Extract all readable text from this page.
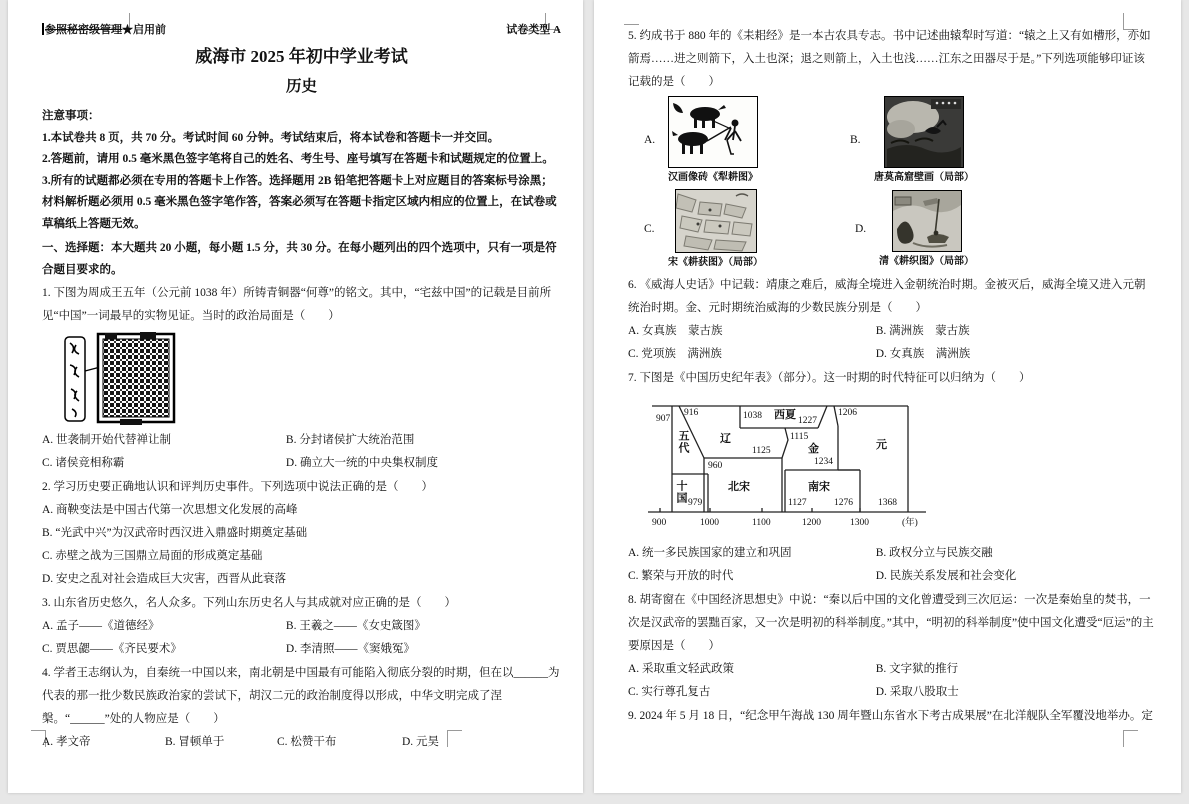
参照秘密级管理★启用前	试卷类型 A
威海市 2025 年初中学业考试
历史
注意事项：
1.本试卷共 8 页，共 70 分。考试时间 60 分钟。考试结束后，将本试卷和答题卡一并交回。
2.答题前，请用 0.5 毫米黑色签字笔将自己的姓名、考生号、座号填写在答题卡和试题规定的位置上。
3.所有的试题都必须在专用的答题卡上作答。选择题用 2B 铅笔把答题卡上对应题目的答案标号涂黑；材料解析题必须用 0.5 毫米黑色签字笔作答，答案必须写在答题卡指定区域内相应的位置上，在试卷或草稿纸上答题无效。
一、选择题：本大题共 20 小题，每小题 1.5 分，共 30 分。在每小题列出的四个选项中，只有一项是符合题目要求的。
1. 下图为周成王五年（公元前 1038 年）所铸青铜器“何尊”的铭文。其中，“宅兹中国”的记载是目前所见“中国”一词最早的实物见证。当时的政治局面是（　　）
A. 世袭制开始代替禅让制	B. 分封诸侯扩大统治范围
C. 诸侯竞相称霸	D. 确立大一统的中央集权制度
2. 学习历史要正确地认识和评判历史事件。下列选项中说法正确的是（　　）
A. 商鞅变法是中国古代第一次思想文化发展的高峰
B. “光武中兴”为汉武帝时西汉进入鼎盛时期奠定基础
C. 赤壁之战为三国鼎立局面的形成奠定基础
D. 安史之乱对社会造成巨大灾害，西晋从此衰落
3. 山东省历史悠久，名人众多。下列山东历史名人与其成就对应正确的是（　　）
A. 孟子——《道德经》	B. 王羲之——《女史箴图》
C. 贾思勰——《齐民要术》	D. 李清照——《窦娥冤》
4. 学者王志纲认为，自秦统一中国以来，南北朝是中国最有可能陷入彻底分裂的时期，但在以______为代表的那一批少数民族政治家的尝试下，胡汉二元的政治制度得以形成，中华文明完成了涅槃。“______”处的人物应是（　　）
A. 孝文帝	B. 冒顿单于	C. 松赞干布	D. 元昊
5. 约成书于 880 年的《耒耜经》是一本古农具专志。书中记述曲辕犁时写道：“辕之上又有如槽形，亦如箭焉……进之则箭下，入土也深；退之则箭上，入土也浅……江东之田器尽于是。”下列选项能够印证该记载的是（　　）
A.
汉画像砖《犁耕图》
B.
唐莫高窟壁画（局部）
C.
宋《耕获图》（局部）
D.
清《耕织图》（局部）
6. 《威海人史话》中记载：靖康之难后，威海全境进入金朝统治时期。金被灭后，威海全境又进入元朝统治时期。金、元时期统治威海的少数民族分别是（　　）
A. 女真族　蒙古族	B. 满洲族　蒙古族
C. 党项族　满洲族	D. 女真族　满洲族
7. 下图是《中国历史纪年表》（部分）。这一时期的时代特征可以归纳为（　　）
907
916
五代
十国 979
辽
960
1125
北宋
1038 西夏 1227
1206
1115
金
1234
南宋
1127	1276
元
1368
900	1000	1100	1200	1300	(年)
A. 统一多民族国家的建立和巩固	B. 政权分立与民族交融
C. 繁荣与开放的时代	D. 民族关系发展和社会变化
8. 胡寄窗在《中国经济思想史》中说：“秦以后中国的文化曾遭受到三次厄运：一次是秦始皇的焚书，一次是汉武帝的罢黜百家，又一次是明初的科举制度。”其中，“明初的科举制度”使中国文化遭受“厄运”的主要原因是（　　）
A. 采取重文轻武政策	B. 文字狱的推行
C. 实行尊孔复古	D. 采取八股取士
9. 2024 年 5 月 18 日，“纪念甲午海战 130 周年暨山东省水下考古成果展”在北洋舰队全军覆没地举办。定
